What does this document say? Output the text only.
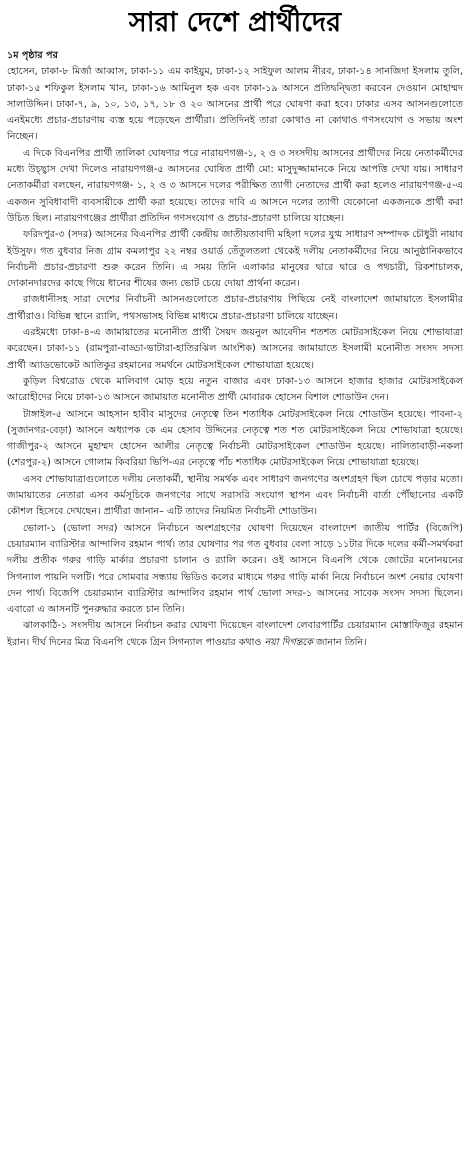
সারা দেশে প্রার্থীদের

১ম পৃষ্ঠার পর

হোসেন, ঢাকা-৮ মির্জা আব্বাস, ঢাকা-১১ এম কাইয়ুম, ঢাকা-১২ সাইফুল আলম নীরব, ঢাকা-১৪ সানজিদা ইসলাম তুলি, ঢাকা-১৫ শফিকুল ইসলাম খান, ঢাকা-১৬ আমিনুল হক এবং ঢাকা-১৯ আসনে প্রতিদ্বন্দ্বিতা করবেন দেওয়ান মোহাম্মদ সালাউদ্দিন। ঢাকা-৭, ৯, ১০, ১৩, ১৭, ১৮ ও ২০ আসনের প্রার্থী পরে ঘোষণা করা হবে। ঢাকার এসব আসনগুলোতে এনইমধ্যে প্রচার-প্রচারণায় ব্যস্ত হয়ে পড়েছেন প্রার্থীরা। প্রতিদিনই তারা কোথাও না কোথাও গণসংযোগ ও সভায় অংশ নিচ্ছেন।

এ দিকে বিএনপির প্রার্থী তালিকা ঘোষণার পরে নারায়ণগঞ্জ-১, ২ ও ৩ সংসদীয় আসনের প্রার্থীদের নিয়ে নেতাকর্মীদের মধ্যে উচ্ছ্বাস দেখা দিলেও নারায়ণগঞ্জ-৫ আসনের ঘোষিত প্রার্থী মো: মাসুদুজ্জামানকে নিয়ে আপত্তি দেখা যায়। সাধারণ নেতাকর্মীরা বলছেন, নারায়ণগঞ্জ- ১, ২ ও ৩ আসনে দলের পরীক্ষিত ত্যাগী নেতাদের প্রার্থী করা হলেও নারায়ণগঞ্জ-৫-এ একজন সুবিধাবাদী ব্যবসায়ীকে প্রার্থী করা হয়েছে। তাদের দাবি এ আসনে দলের ত্যাগী যেকোনো একজনকে প্রার্থী করা উচিত ছিল। নারায়ণগঞ্জের প্রার্থীরা প্রতিদিন গণসংযোগ ও প্রচার-প্রচারণা চালিয়ে যাচ্ছেন।

ফরিদপুর-৩ (সদর) আসনের বিএনপির প্রার্থী কেন্দ্রীয় জাতীয়তাবাদী মহিলা দলের যুগ্ম সাধারণ সম্পাদক চৌধুরী নায়াব ইউসুফ। গত বুধবার নিজ গ্রাম কমলাপুর ২২ নম্বর ওয়ার্ড তেঁতুলতলা থেকেই দলীয় নেতাকর্মীদের নিয়ে আনুষ্ঠানিকভাবে নির্বাচনী প্রচার-প্রচারণা শুরু করেন তিনি। এ সময় তিনি এলাকার মানুষের দ্বারে দ্বারে ও পথচারী, রিকশাচালক, দোকানদারদের কাছে গিয়ে ধানের শীষের জন্য ভোট চেয়ে দোয়া প্রার্থনা করেন।

রাজধানীসহ সারা দেশের নির্বাচনী আসনগুলোতে প্রচার-প্রচারণায় পিছিয়ে নেই বাংলাদেশ জামায়াতে ইসলামীর প্রার্থীরাও। বিভিন্ন স্থানে র‍্যালি, পথসভাসহ বিভিন্ন মাধ্যমে প্রচার-প্রচারণা চালিয়ে যাচ্ছেন।

এরইমধ্যে ঢাকা-৪-এ জামায়াতের মনোনীত প্রার্থী সৈয়দ জয়নুল আবেদীন শতশত মোটরসাইকেল নিয়ে শোভাযাত্রা করেছেন। ঢাকা-১১ (রামপুরা-বাড্ডা-ভাটারা-হাতিরঝিল আংশিক) আসনের জামায়াতে ইসলামী মনোনীত সংসদ সদস্য প্রার্থী অ্যাডভোকেট আতিকুর রহমানের সমর্থনে মোটরসাইকেল শোভাযাত্রা হয়েছে।

কুড়িল বিশ্বরোড থেকে মালিবাগ মোড় হয়ে নতুন বাজার এবং ঢাকা-১৩ আসনে হাজার হাজার মোটরসাইকেল আরোহীদের নিয়ে ঢাকা-১৩ আসনে জামায়াত মনোনীত প্রার্থী মোবারক হোসেন বিশাল শোডাউন দেন।

টাঙ্গাইল-৫ আসনে আহসান হাবীব মাসুদের নেতৃত্বে তিন শতাধিক মোটরসাইকেল নিয়ে শোডাউন হয়েছে। পাবনা-২ (সুজানগর-বেড়া) আসনে অধ্যাপক কে এম হেসাব উদ্দিনের নেতৃত্বে শত শত মোটরসাইকেল নিয়ে শোভাযাত্রা হয়েছে। গাজীপুর-২ আসনে মুহাম্মদ হোসেন আলীর নেতৃত্বে নির্বাচনী মোটরসাইকেল শোডাউন হয়েছে। নালিতাবাড়ী-নকলা (শেরপুর-২) আসনে গোলাম কিবরিয়া ভিপি-এর নেতৃত্বে পাঁচ শতাধিক মোটরসাইকেল নিয়ে শোভাযাত্রা হয়েছে।

এসব শোভাযাত্রাগুলোতে দলীয় নেতাকর্মী, স্থানীয় সমর্থক এবং সাধারণ জনগণের অংশগ্রহণ ছিল চোখে পড়ার মতো। জামায়াতের নেতারা এসব কর্মসূচিকে জনগণের সাথে সরাসরি সংযোগ স্থাপন এবং নির্বাচনী বার্তা পৌঁছানোর একটি কৌশল হিসেবে দেখছেন। প্রার্থীরা জানান– এটি তাদের নিয়মিত নির্বাচনী শোডাউন।

ভোলা-১ (ভোলা সদর) আসনে নির্বাচনে অংশগ্রহণের ঘোষণা দিয়েছেন বাংলাদেশ জাতীয় পার্টির (বিজেপি) চেয়ারম্যান ব্যারিস্টার আন্দালিব রহমান পার্থ। তার ঘোষণার পর গত বুধবার বেলা সাড়ে ১১টার দিকে দলের কর্মী-সমর্থকরা দলীয় প্রতীক গরুর গাড়ি মার্কার প্রচারণা চালান ও র‍্যালি করেন। ওই আসনে বিএনপি থেকে জোটের মনোনয়নের সিগন্যাল পায়নি দলটি। পরে সোমবার সন্ধ্যায় ভিডিও কলের মাধ্যমে গরুর গাড়ি মার্কা নিয়ে নির্বাচনে অংশ নেয়ার ঘোষণা দেন পার্থ। বিজেপি চেয়ারম্যান ব্যারিস্টার আন্দালিব রহমান পার্থ ভোলা সদর-১ আসনের সাবেক সংসদ সদস্য ছিলেন। এবারো এ আসনটি পুনরুদ্ধার করতে চান তিনি।

ঝালকাঠি-১ সংসদীয় আসনে নির্বাচন করার ঘোষণা দিয়েছেন বাংলাদেশ লেবারপার্টির চেয়ারম্যান মোস্তাফিজুর রহমান ইরান। দীর্ঘ দিনের মিত্র বিএনপি থেকে গ্রিন সিগন্যাল পাওয়ার কথাও নয়া দিগন্তকে জানান তিনি।
